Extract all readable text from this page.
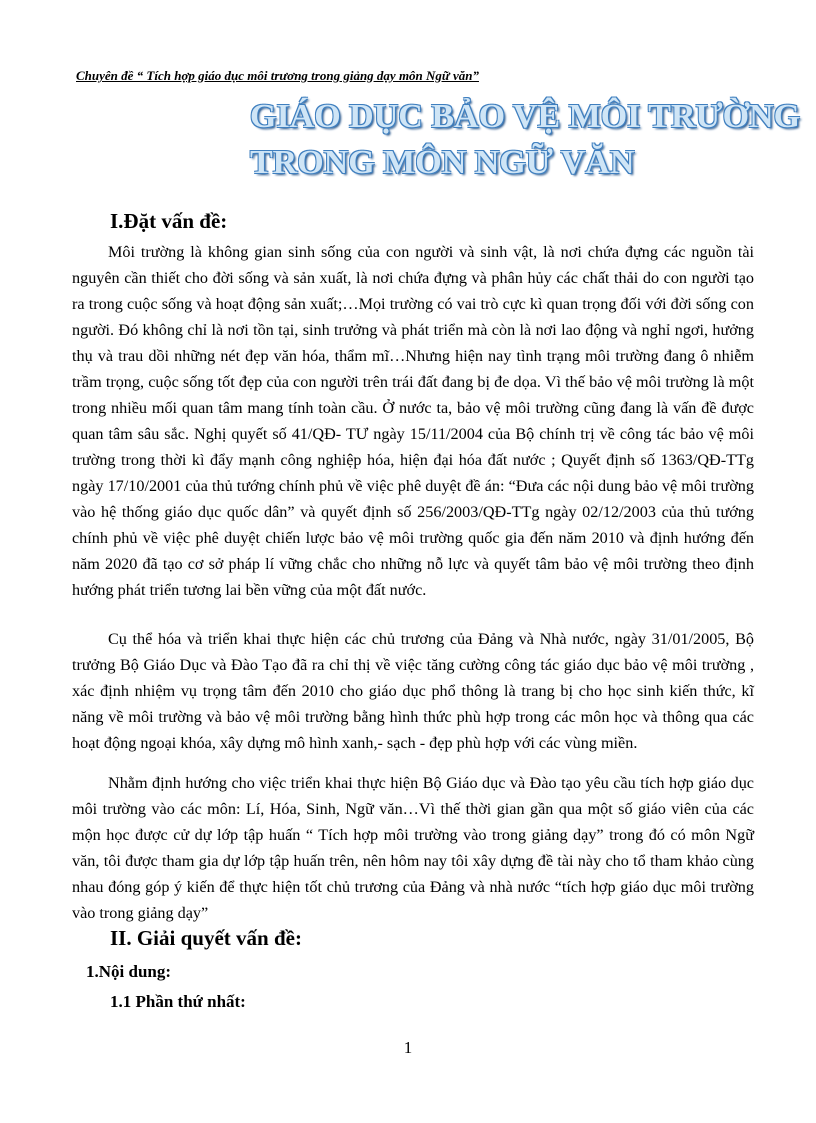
Chuyên đề “ Tích hợp giáo dục môi trương trong giảng dạy môn Ngữ văn”
GIÁO DỤC BẢO VỆ MÔI TRƯỜNG
TRONG MÔN NGỮ VĂN
I.Đặt vấn đề:
Môi trường là không gian sinh sống của con người và sinh vật, là nơi chứa đựng các nguồn tài nguyên cần thiết cho đời sống và sản xuất, là nơi chứa đựng và phân hủy các chất thải do con người tạo ra trong cuộc sống và hoạt động sản xuất;…Mọi trường có vai trò cực kì quan trọng đối với đời sống con người. Đó không chỉ là nơi tồn tại, sinh trưởng và phát triển mà còn là nơi lao động và nghỉ ngơi, hưởng thụ và trau dồi những nét đẹp văn hóa, thẩm mĩ…Nhưng hiện nay tình trạng môi trường đang ô nhiễm trầm trọng, cuộc sống tốt đẹp của con người trên trái đất đang bị đe dọa. Vì thế bảo vệ môi trường là một trong nhiều mối quan tâm mang tính toàn cầu. Ở nước ta, bảo vệ môi trường cũng đang là vấn đề được quan tâm sâu sắc. Nghị quyết số 41/QĐ- TƯ ngày 15/11/2004 của Bộ chính trị về công tác bảo vệ môi trường trong thời kì đẩy mạnh công nghiệp hóa, hiện đại hóa đất nước ; Quyết định số 1363/QĐ-TTg ngày 17/10/2001 của thủ tướng chính phủ về việc phê duyệt đề án: “Đưa các nội dung bảo vệ môi trường vào hệ thống giáo dục quốc dân” và quyết định số 256/2003/QĐ-TTg ngày 02/12/2003 của thủ tướng chính phủ về việc phê duyệt chiến lược bảo vệ môi trường quốc gia đến năm 2010 và định hướng đến năm 2020 đã tạo cơ sở pháp lí vững chắc cho những nỗ lực và quyết tâm bảo vệ môi trường theo định hướng phát triển tương lai bền vững của một đất nước.
Cụ thể hóa và triển khai thực hiện các chủ trương của Đảng và Nhà nước, ngày 31/01/2005, Bộ trưởng Bộ Giáo Dục và Đào Tạo đã ra chỉ thị về việc tăng cường công tác giáo dục bảo vệ môi trường , xác định nhiệm vụ trọng tâm đến 2010 cho giáo dục phổ thông là trang bị cho học sinh kiến thức, kĩ năng về môi trường và bảo vệ môi trường bằng hình thức phù hợp trong các môn học và thông qua các hoạt động ngoại khóa, xây dựng mô hình xanh,- sạch - đẹp phù hợp với các vùng miền.
Nhằm định hướng cho việc triển khai thực hiện Bộ Giáo dục và Đào tạo yêu cầu tích hợp giáo dục môi trường vào các môn: Lí, Hóa, Sinh, Ngữ văn…Vì thế thời gian gần qua một số giáo viên của các mộn học được cử dự lớp tập huấn “ Tích hợp môi trường vào trong giảng dạy” trong đó có môn Ngữ văn, tôi được tham gia dự lớp tập huấn trên, nên hôm nay tôi xây dựng đề tài này cho tổ tham khảo cùng nhau đóng góp ý kiến để thực hiện tốt chủ trương của Đảng và nhà nước “tích hợp giáo dục môi trường vào trong giảng dạy”
II. Giải quyết vấn đề:
1.Nội dung:
1.1 Phần thứ nhất:
1
